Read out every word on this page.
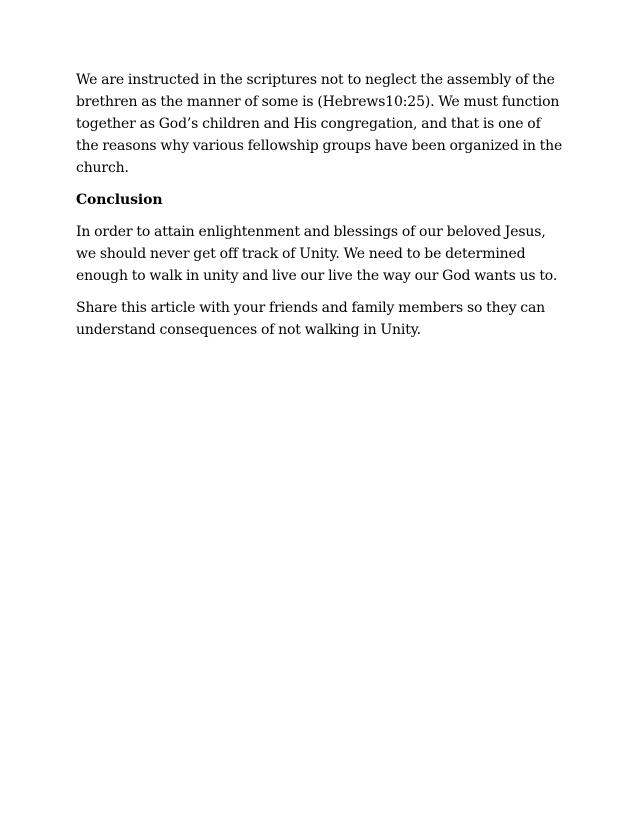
We are instructed in the scriptures not to neglect the assembly of the brethren as the manner of some is (Hebrews10:25). We must function together as God’s children and His congregation, and that is one of the reasons why various fellowship groups have been organized in the church.

Conclusion

In order to attain enlightenment and blessings of our beloved Jesus, we should never get off track of Unity. We need to be determined enough to walk in unity and live our live the way our God wants us to.

Share this article with your friends and family members so they can understand consequences of not walking in Unity.
